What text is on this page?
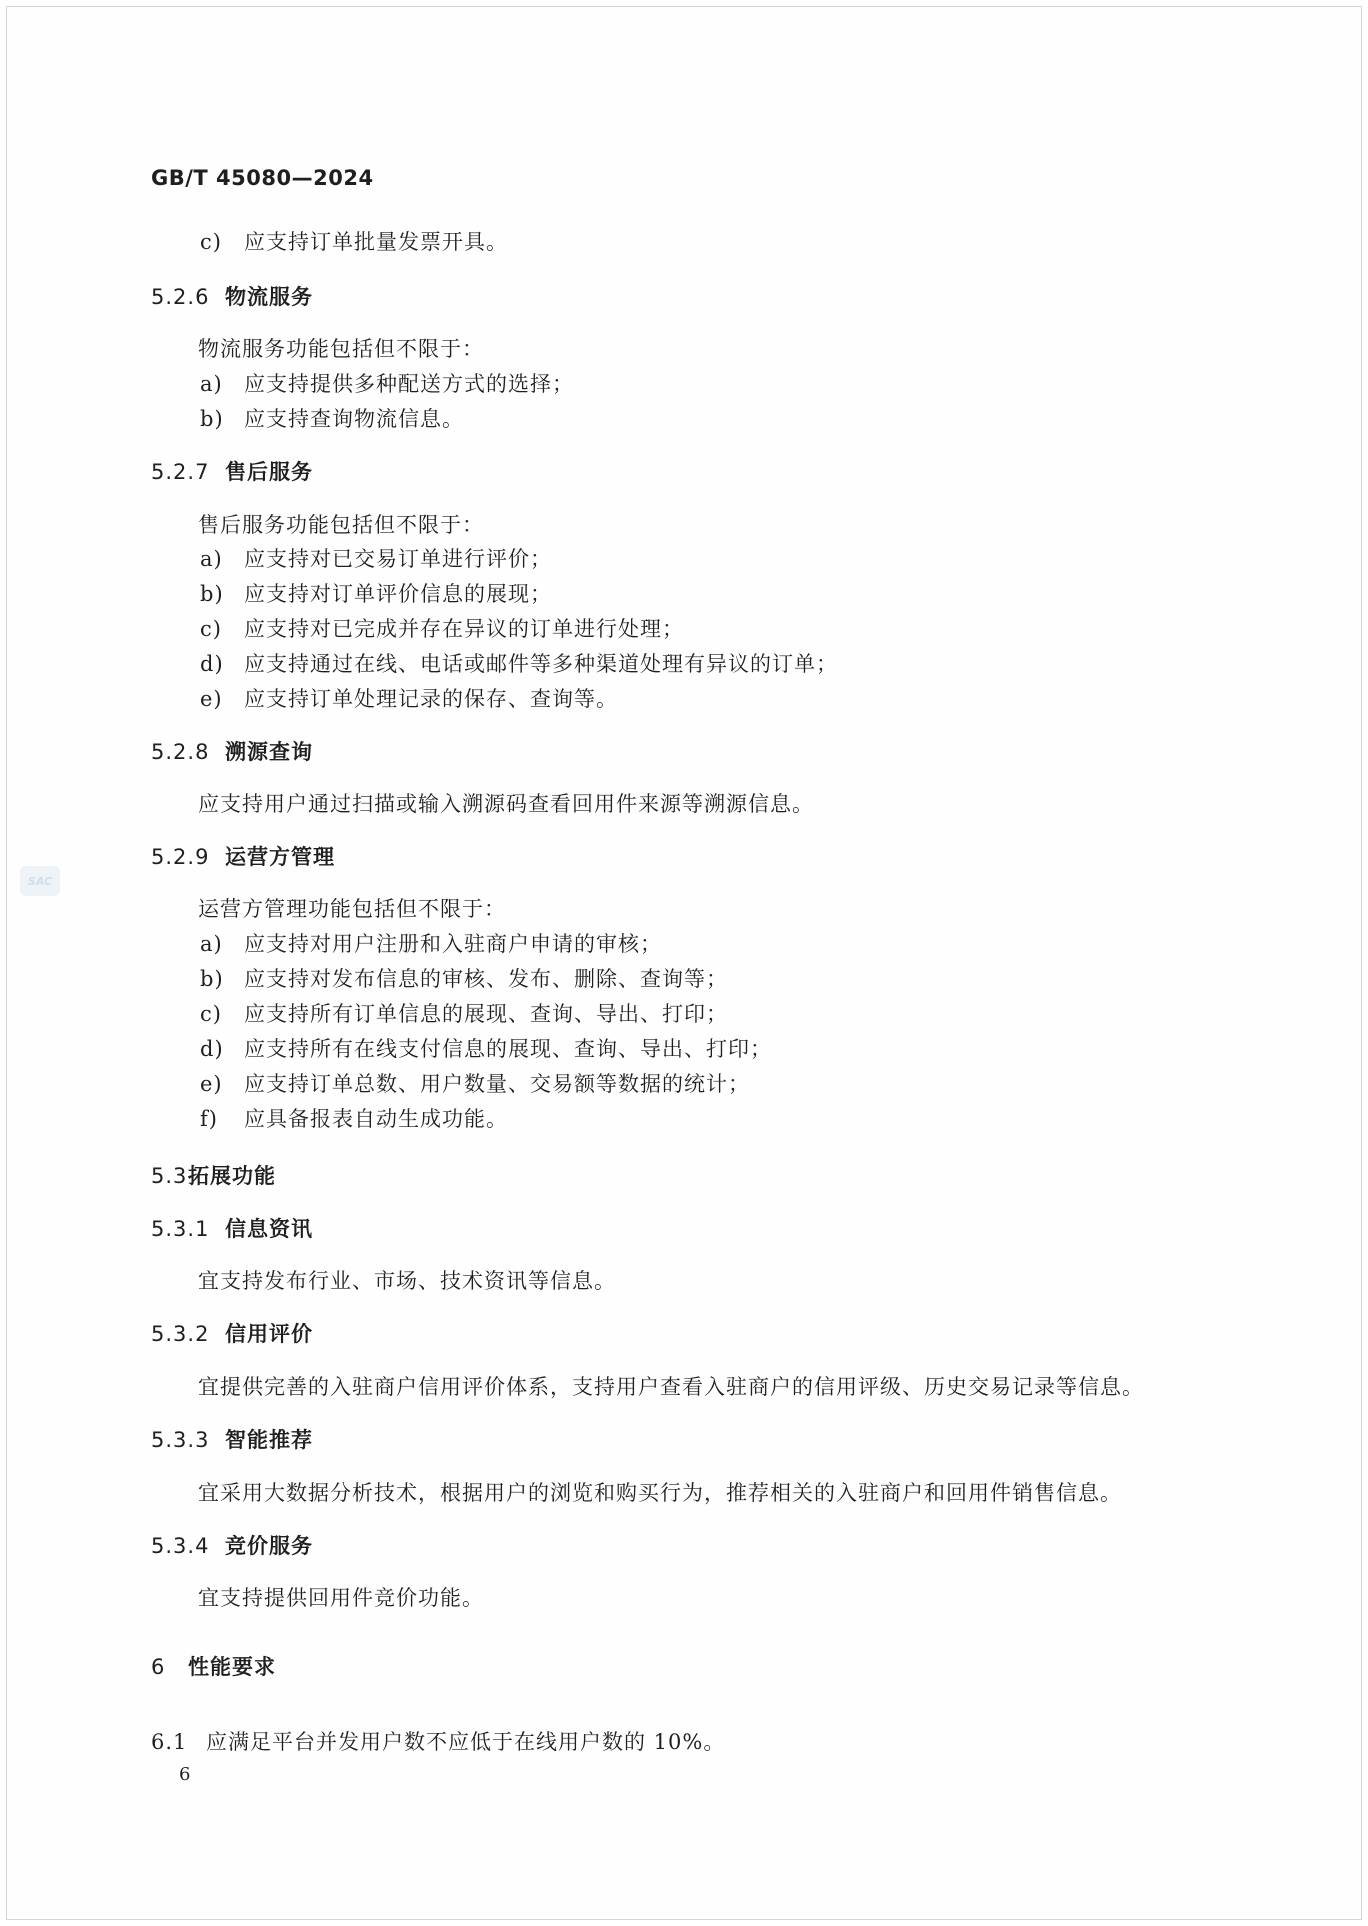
SAC
GB/T 45080—2024
c) 应支持订单批量发票开具。
5.2.6 物流服务
物流服务功能包括但不限于：
a) 应支持提供多种配送方式的选择；
b) 应支持查询物流信息。
5.2.7 售后服务
售后服务功能包括但不限于：
a) 应支持对已交易订单进行评价；
b) 应支持对订单评价信息的展现；
c) 应支持对已完成并存在异议的订单进行处理；
d) 应支持通过在线、电话或邮件等多种渠道处理有异议的订单；
e) 应支持订单处理记录的保存、查询等。
5.2.8 溯源查询
应支持用户通过扫描或输入溯源码查看回用件来源等溯源信息。
5.2.9 运营方管理
运营方管理功能包括但不限于：
a) 应支持对用户注册和入驻商户申请的审核；
b) 应支持对发布信息的审核、发布、删除、查询等；
c) 应支持所有订单信息的展现、查询、导出、打印；
d) 应支持所有在线支付信息的展现、查询、导出、打印；
e) 应支持订单总数、用户数量、交易额等数据的统计；
f) 应具备报表自动生成功能。
5.3 拓展功能
5.3.1 信息资讯
宜支持发布行业、市场、技术资讯等信息。
5.3.2 信用评价
宜提供完善的入驻商户信用评价体系，支持用户查看入驻商户的信用评级、历史交易记录等信息。
5.3.3 智能推荐
宜采用大数据分析技术，根据用户的浏览和购买行为，推荐相关的入驻商户和回用件销售信息。
5.3.4 竞价服务
宜支持提供回用件竞价功能。
6 性能要求
6.1 应满足平台并发用户数不应低于在线用户数的 10%。
6
